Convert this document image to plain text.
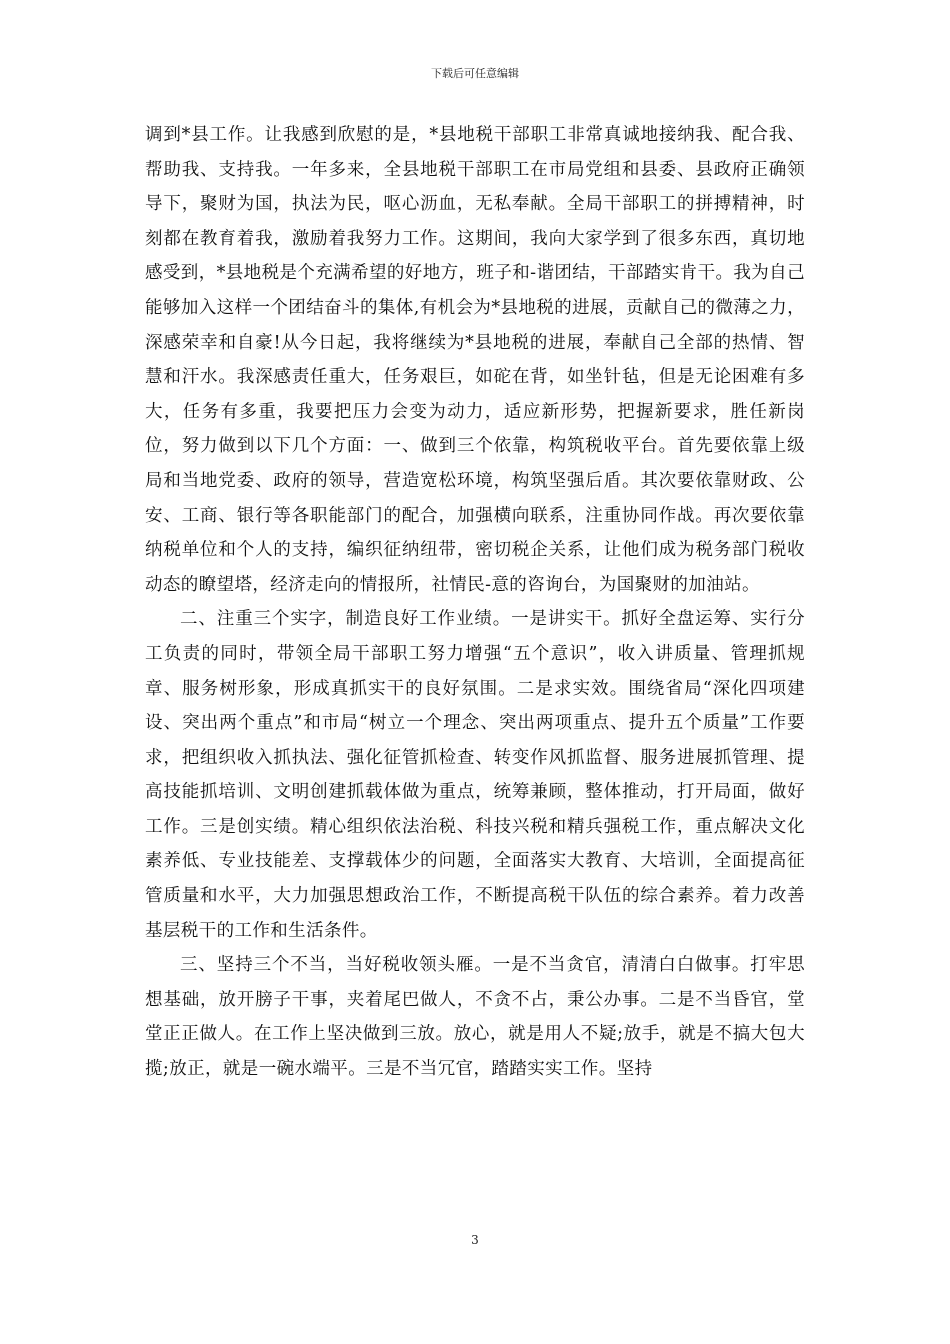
下载后可任意编辑

调到*县工作。让我感到欣慰的是，*县地税干部职工非常真诚地接纳我、配合我、帮助我、支持我。一年多来，全县地税干部职工在市局党组和县委、县政府正确领导下，聚财为国，执法为民，呕心沥血，无私奉献。全局干部职工的拼搏精神，时刻都在教育着我，激励着我努力工作。这期间，我向大家学到了很多东西，真切地感受到，*县地税是个充满希望的好地方，班子和-谐团结，干部踏实肯干。我为自己能够加入这样一个团结奋斗的集体,有机会为*县地税的进展，贡献自己的微薄之力，深感荣幸和自豪!从今日起，我将继续为*县地税的进展，奉献自己全部的热情、智慧和汗水。我深感责任重大，任务艰巨，如砣在背，如坐针毡，但是无论困难有多大，任务有多重，我要把压力会变为动力，适应新形势，把握新要求，胜任新岗位，努力做到以下几个方面：一、做到三个依靠，构筑税收平台。首先要依靠上级局和当地党委、政府的领导，营造宽松环境，构筑坚强后盾。其次要依靠财政、公安、工商、银行等各职能部门的配合，加强横向联系，注重协同作战。再次要依靠纳税单位和个人的支持，编织征纳纽带，密切税企关系，让他们成为税务部门税收动态的瞭望塔，经济走向的情报所，社情民-意的咨询台，为国聚财的加油站。

二、注重三个实字，制造良好工作业绩。一是讲实干。抓好全盘运筹、实行分工负责的同时，带领全局干部职工努力增强“五个意识”，收入讲质量、管理抓规章、服务树形象，形成真抓实干的良好氛围。二是求实效。围绕省局“深化四项建设、突出两个重点”和市局“树立一个理念、突出两项重点、提升五个质量”工作要求，把组织收入抓执法、强化征管抓检查、转变作风抓监督、服务进展抓管理、提高技能抓培训、文明创建抓载体做为重点，统筹兼顾，整体推动，打开局面，做好工作。三是创实绩。精心组织依法治税、科技兴税和精兵强税工作，重点解决文化素养低、专业技能差、支撑载体少的问题，全面落实大教育、大培训，全面提高征管质量和水平，大力加强思想政治工作，不断提高税干队伍的综合素养。着力改善基层税干的工作和生活条件。

三、坚持三个不当，当好税收领头雁。一是不当贪官，清清白白做事。打牢思想基础，放开膀子干事，夹着尾巴做人，不贪不占，秉公办事。二是不当昏官，堂堂正正做人。在工作上坚决做到三放。放心，就是用人不疑;放手，就是不搞大包大揽;放正，就是一碗水端平。三是不当冗官，踏踏实实工作。坚持

3
